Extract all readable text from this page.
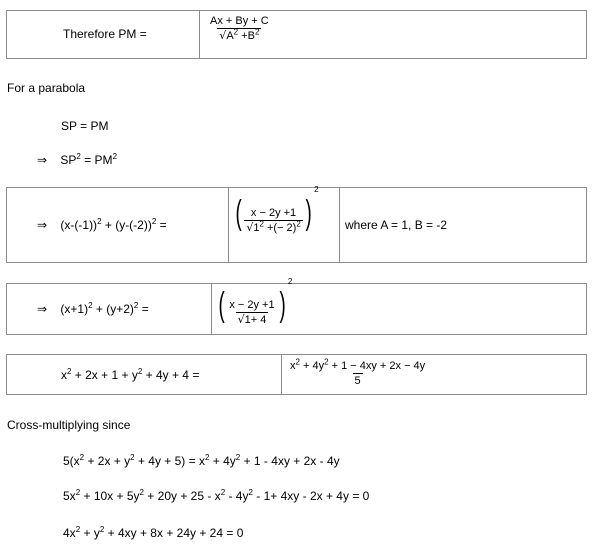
Therefore PM =	$\frac{Ax + By + C}{√A^2 +B^2}$
For a parabola
SP = PM
⇒ $SP^2 = PM^2$
⇒ $(x-(-1))^2 + (y-(-2))^2$ = ( $\frac{x - 2y +1}{√1^2 +(- 2)^2} )^2$
where A = 1, B = -2
⇒ $(x+1)^2 + (y+2)^2$ = ( $\frac{x - 2y +1}{√1+ 4} )^2$
$x^2 + 2x + 1 + y^2 + 4y + 4$ =	$\frac{x^2 + 4y^2 + 1 - 4xy + 2x - 4y}{5}$
Cross-multiplying since
$5(x^2 + 2x + y^2 + 4y + 5) = x^2 + 4y^2 + 1 - 4xy + 2x - 4y$
$5x^2 + 10x + 5y^2 + 20y + 25 - x^2 - 4y^2 - 1+ 4xy - 2x + 4y = 0$
$4x^2 + y^2 + 4xy + 8x + 24y + 24 = 0$
